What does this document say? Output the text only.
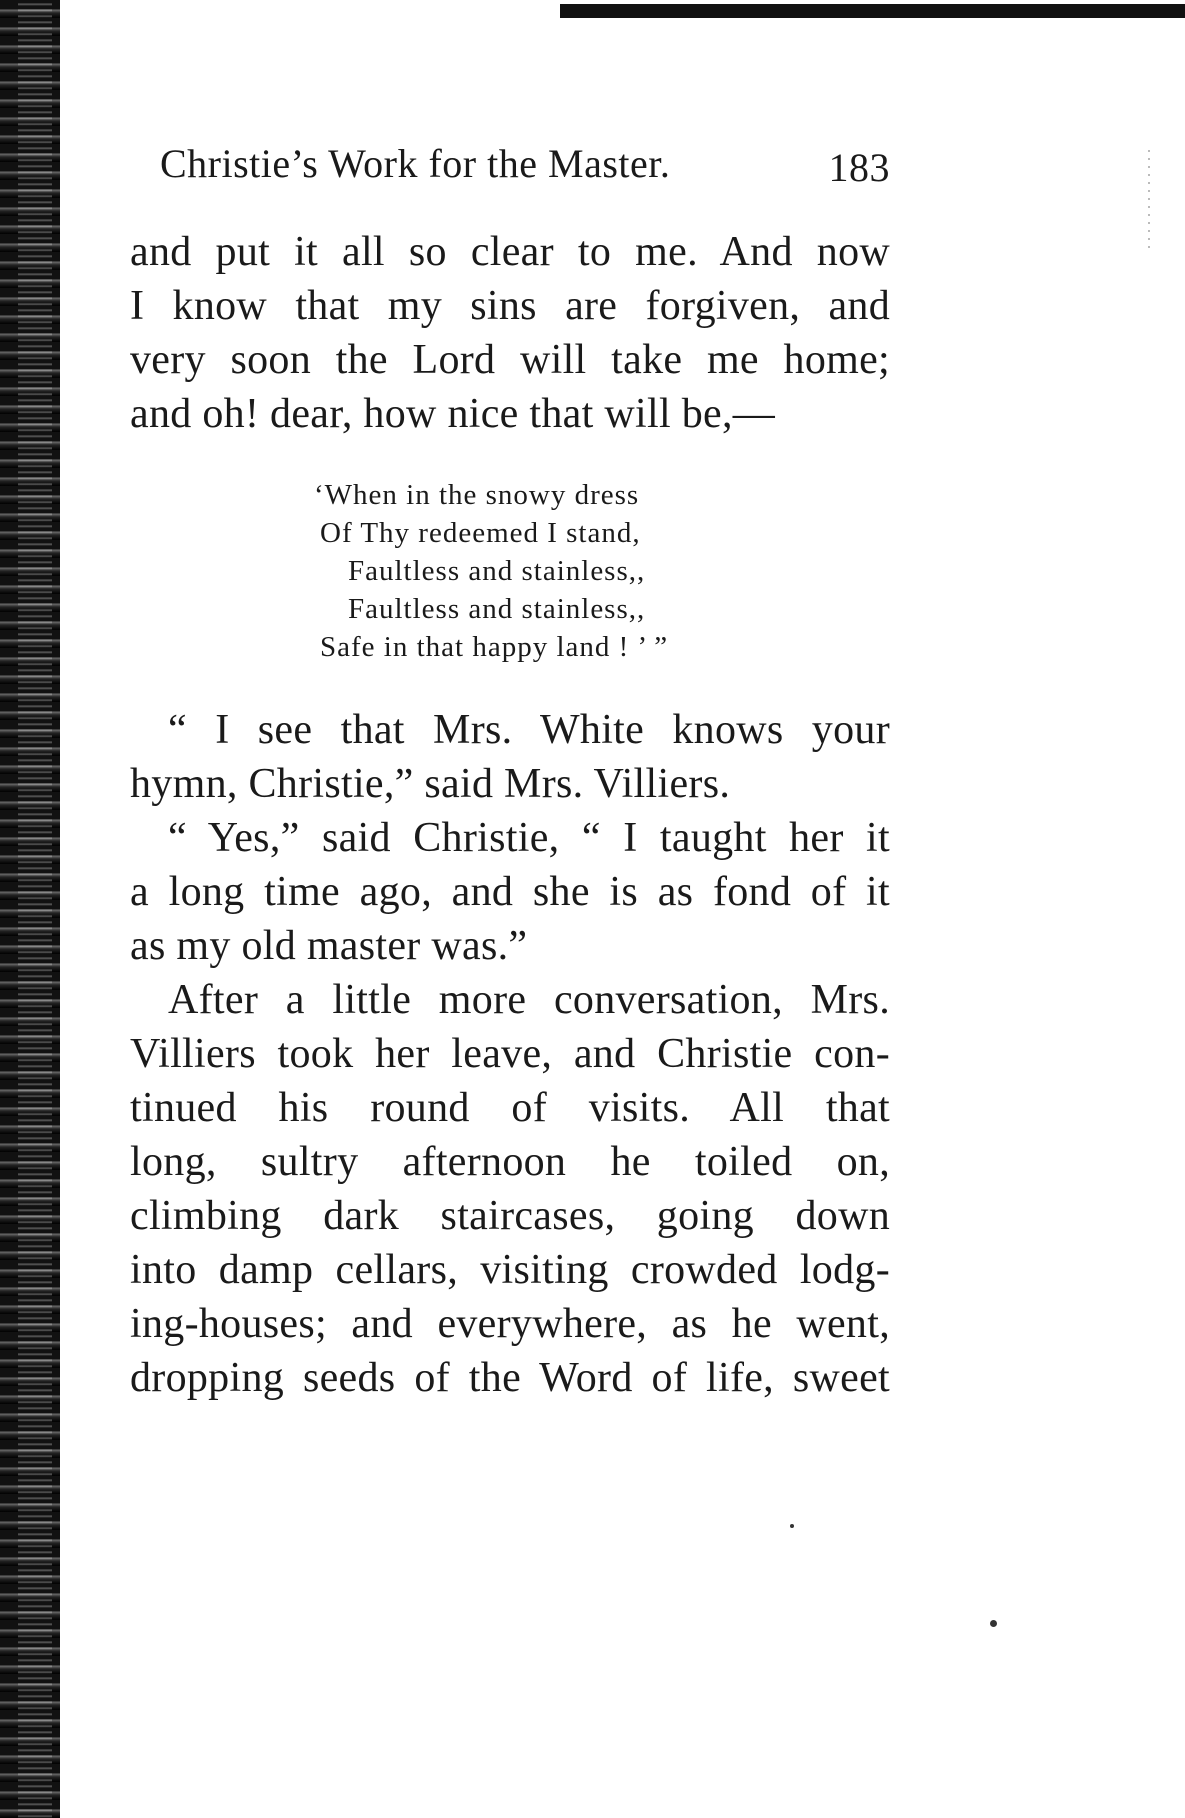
Christie’s Work for the Master.	183
and put it all so clear to me. And now
I know that my sins are forgiven, and
very soon the Lord will take me home;
and oh! dear, how nice that will be,—
‘When in the snowy dress
Of Thy redeemed I stand,
Faultless and stainless,,
Faultless and stainless,,
Safe in that happy land ! ’ ”
“ I see that Mrs. White knows your
hymn, Christie,” said Mrs. Villiers.
“ Yes,” said Christie, “ I taught her it
a long time ago, and she is as fond of it
as my old master was.”
After a little more conversation, Mrs.
Villiers took her leave, and Christie con-
tinued his round of visits. All that
long, sultry afternoon he toiled on,
climbing dark staircases, going down
into damp cellars, visiting crowded lodg-
ing-houses; and everywhere, as he went,
dropping seeds of the Word of life, sweet
